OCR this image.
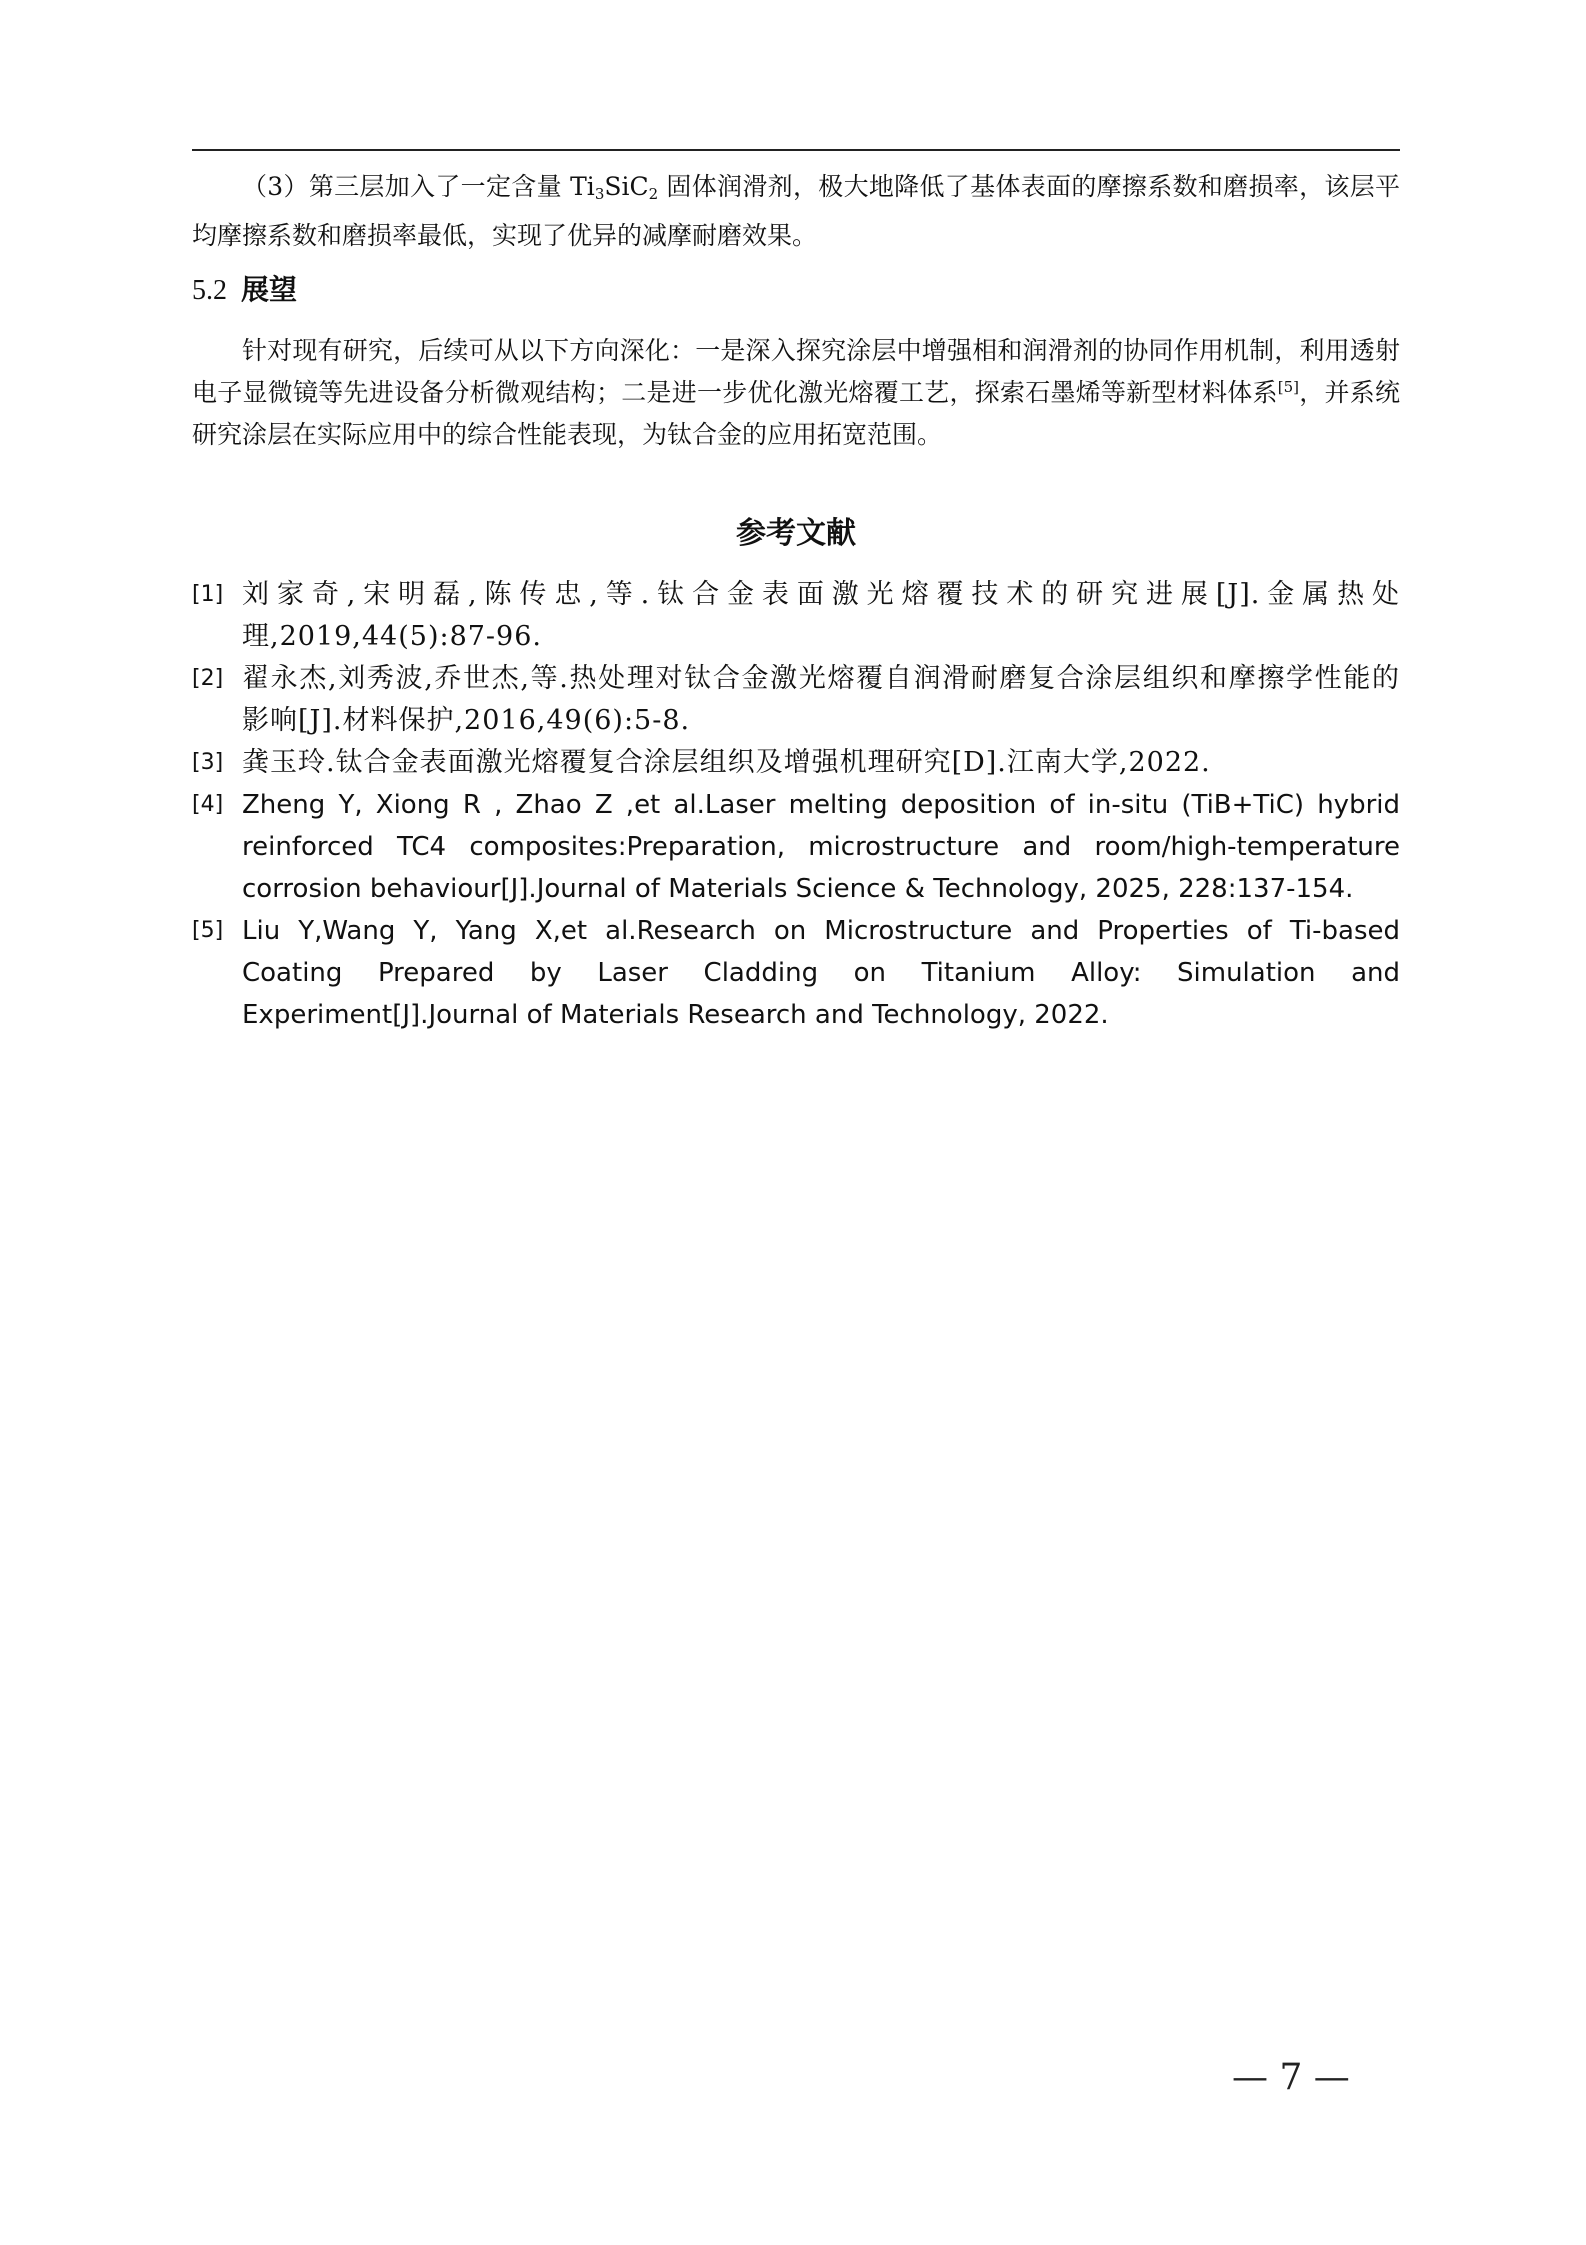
（3）第三层加入了一定含量 $Ti_3SiC_2$ 固体润滑剂，极大地降低了基体表面的摩擦系数和磨损率，该层平均摩擦系数和磨损率最低，实现了优异的减摩耐磨效果。

5.2 展望

针对现有研究，后续可从以下方向深化：一是深入探究涂层中增强相和润滑剂的协同作用机制，利用透射电子显微镜等先进设备分析微观结构；二是进一步优化激光熔覆工艺，探索石墨烯等新型材料体系[5]，并系统研究涂层在实际应用中的综合性能表现，为钛合金的应用拓宽范围。

参考文献
[1] 刘家奇,宋明磊,陈传忠,等.钛合金表面激光熔覆技术的研究进展[J].金属热处理,2019,44(5):87-96.
[2] 翟永杰,刘秀波,乔世杰,等.热处理对钛合金激光熔覆自润滑耐磨复合涂层组织和摩擦学性能的影响[J].材料保护,2016,49(6):5-8.
[3] 龚玉玲.钛合金表面激光熔覆复合涂层组织及增强机理研究[D].江南大学,2022.
[4] Zheng Y, Xiong R , Zhao Z ,et al.Laser melting deposition of in-situ (TiB+TiC) hybrid reinforced TC4 composites:Preparation, microstructure and room/high-temperature corrosion behaviour[J].Journal of Materials Science & Technology, 2025, 228:137-154.
[5] Liu Y,Wang Y, Yang X,et al.Research on Microstructure and Properties of Ti-based Coating Prepared by Laser Cladding on Titanium Alloy: Simulation and Experiment[J].Journal of Materials Research and Technology, 2022.
— 7 —
